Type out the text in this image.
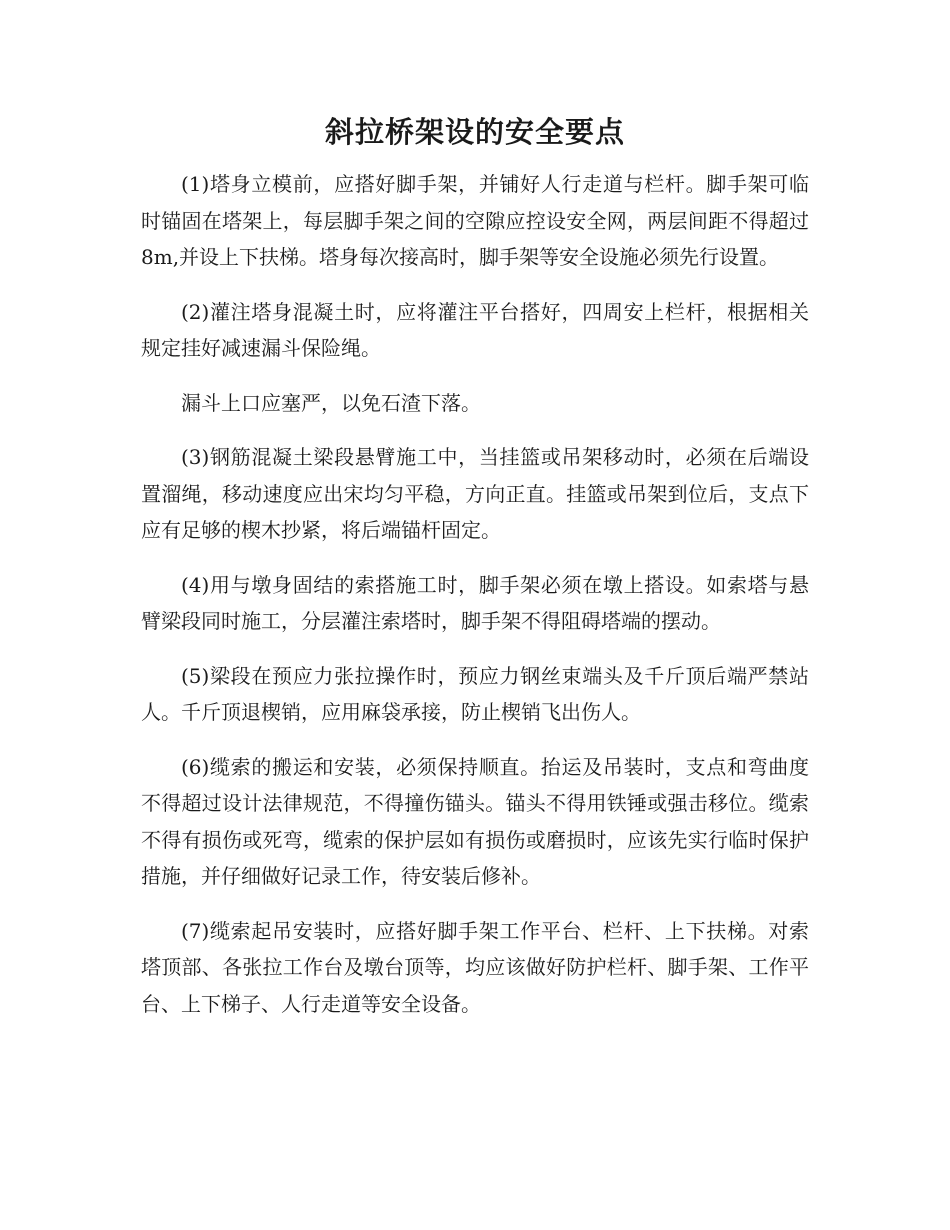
斜拉桥架设的安全要点

(1)塔身立模前，应搭好脚手架，并铺好人行走道与栏杆。脚手架可临时锚固在塔架上，每层脚手架之间的空隙应控设安全网，两层间距不得超过8m,并设上下扶梯。塔身每次接高时，脚手架等安全设施必须先行设置。

(2)灌注塔身混凝土时，应将灌注平台搭好，四周安上栏杆，根据相关规定挂好减速漏斗保险绳。

漏斗上口应塞严，以免石渣下落。

(3)钢筋混凝土梁段悬臂施工中，当挂篮或吊架移动时，必须在后端设置溜绳，移动速度应出宋均匀平稳，方向正直。挂篮或吊架到位后，支点下应有足够的楔木抄紧，将后端锚杆固定。

(4)用与墩身固结的索搭施工时，脚手架必须在墩上搭设。如索塔与悬臂梁段同时施工，分层灌注索塔时，脚手架不得阻碍塔端的摆动。

(5)梁段在预应力张拉操作时，预应力钢丝束端头及千斤顶后端严禁站人。千斤顶退楔销，应用麻袋承接，防止楔销飞出伤人。

(6)缆索的搬运和安装，必须保持顺直。抬运及吊装时，支点和弯曲度不得超过设计法律规范，不得撞伤锚头。锚头不得用铁锤或强击移位。缆索不得有损伤或死弯，缆索的保护层如有损伤或磨损时，应该先实行临时保护措施，并仔细做好记录工作，待安装后修补。

(7)缆索起吊安装时，应搭好脚手架工作平台、栏杆、上下扶梯。对索塔顶部、各张拉工作台及墩台顶等，均应该做好防护栏杆、脚手架、工作平台、上下梯子、人行走道等安全设备。
